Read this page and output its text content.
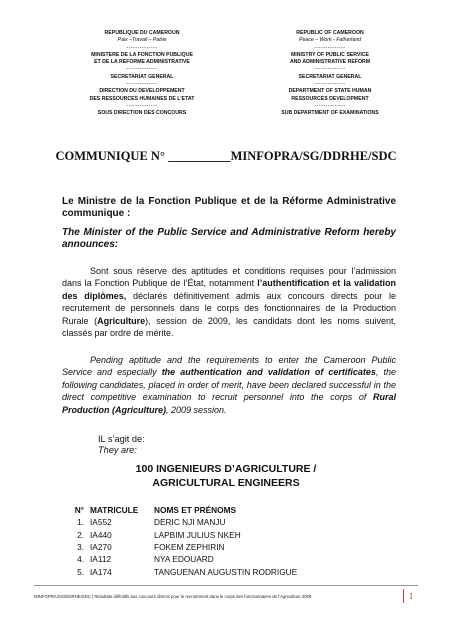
REPUBLIQUE DU CAMEROUN
Paix –Travail – Patrie
--------------
MINISTERE DE LA FONCTION PUBLIQUE
ET DE LA REFORME ADMINISTRATIVE
--------------
SECRETARIAT GENERAL
--------------
DIRECTION DU DEVELOPPEMENT
DES RESSOURCES HUMAINES DE L'ETAT
--------------
SOUS DIRECTION DES CONCOURS
REPUBLIC OF CAMEROON
Peace – Work - Fatherland
--------------
MINISTRY OF PUBLIC SERVICE
AND ADMINISTRATIVE REFORM
--------------
SECRETARIAT GENERAL
--------------
DEPARTMENT OF STATE HUMAN
RESSOURCES DEVELOPMENT
--------------
SUB DEPARTMENT OF EXAMINATIONS
COMMUNIQUE N° __________MINFOPRA/SG/DDRHE/SDC
Le Ministre de la Fonction Publique et de la Réforme Administrative communique :
The Minister of the Public Service and Administrative Reform hereby announces:
Sont sous réserve des aptitudes et conditions requises pour l’admission dans la Fonction Publique de l’État, notamment l’authentification et la validation des diplômes, déclarés définitivement admis aux concours directs pour le recrutement de personnels dans le corps des fonctionnaires de la Production Rurale (Agriculture), session de 2009, les candidats dont les noms suivent, classés par ordre de mérite.
Pending aptitude and the requirements to enter the Cameroon Public Service and especially the authentication and validation of certificates, the following candidates, placed in order of merit, have been declared successful in the direct competitive examination to recruit personnel into the corps of Rural Production (Agriculture), 2009 session.
IL s’agit de:
They are:
100 INGENIEURS D’AGRICULTURE /
AGRICULTURAL ENGINEERS
N° MATRICULE	NOMS ET PRÉNOMS
1. IA552	DERIC NJI MANJU
2. IA440	LAPBIM JULIUS NKEH
3. IA270	FOKEM ZEPHIRIN
4. IA112	NYA EDOUARD
5. IA174	TANGUENAN AUGUSTIN RODRIGUE
MINFOPRA/SG/DDRHE/SDC | Résultats définitifs aux concours directs pour le recrutement dans le corps des fonctionnaires de l’Agriculture 2009	1
